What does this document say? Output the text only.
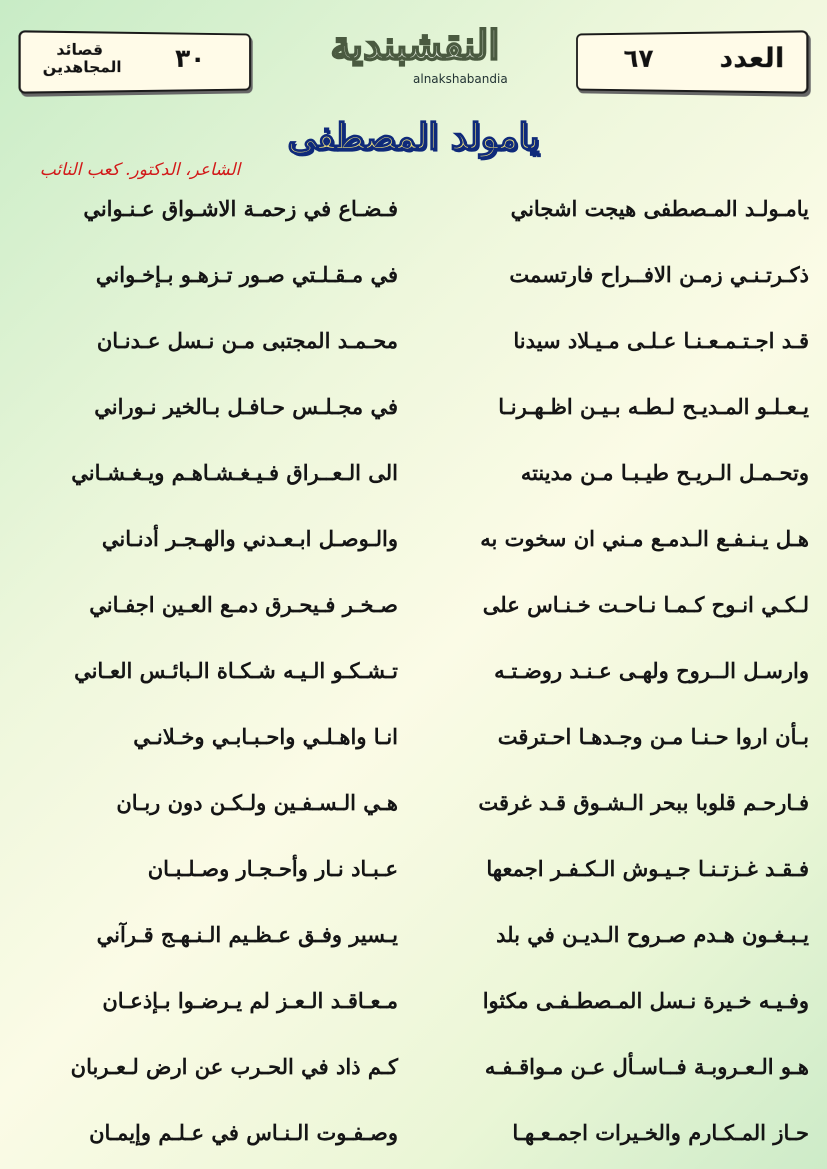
قصائد المجاهدين ٣٠	النقشبندية
alnakshabandia
٦٧	العدد
يامولد المصطفى
الشاعر، الدكتور. كعب النائب
يامـولـد المـصطفى هيجت اشجاني
فـضـاع في زحمـة الاشـواق عـنـواني
ذكـرتـنـي زمـن الافــراح فارتسمت
في مـقـلـتي صـور تـزهـو بـإخـواني
قـد اجـتـمـعـنـا عـلـى مـيـلاد سيدنا
محـمـد المجتبى مـن نـسل عـدنـان
يـعـلـو المـديـح لـطـه بـيـن اظـهـرنـا
في مجـلـس حـافـل بـالخير نـوراني
وتحـمـل الـريـح طيـبـا مـن مدينته
الى الـعــراق فـيـغـشـاهـم ويـغـشـاني
هـل يـنـفـع الـدمـع مـني ان سخوت به
والـوصـل ابـعـدني والهـجـر أدنـاني
لـكـي انـوح كـمـا نـاحـت خـنـاس على
صـخـر فـيحـرق دمـع العـين اجفـاني
وارسـل الــروح ولهـى عـنـد روضـتـه
تـشـكـو الـيـه شـكـاة الـبائـس العـاني
بـأن اروا حـنـا مـن وجـدهـا احـترقت
انـا واهـلـي واحـبـابـي وخـلانـي
فـارحـم قلوبا ببحر الـشـوق قـد غرقت
هـي الـسـفـين ولـكـن دون ربـان
فـقـد غـزتـنـا جـيـوش الـكـفـر اجمعها
عـبـاد نـار وأحـجـار وصـلـبـان
يـبـغـون هـدم صـروح الـديـن في بلد
يـسير وفـق عـظـيم الـنـهـج قـرآني
وفـيـه خـيرة نـسل المـصطـفـى مكثوا
مـعـاقـد الـعـز لم يـرضـوا بـإذعـان
هـو الـعـروبـة فــاسـأل عـن مـواقـفـه
كـم ذاد في الحـرب عن ارض لـعـربان
حـاز المـكـارم والخـيرات اجمـعـهـا
وصـفـوت الـنـاس في عـلـم وإيمـان
